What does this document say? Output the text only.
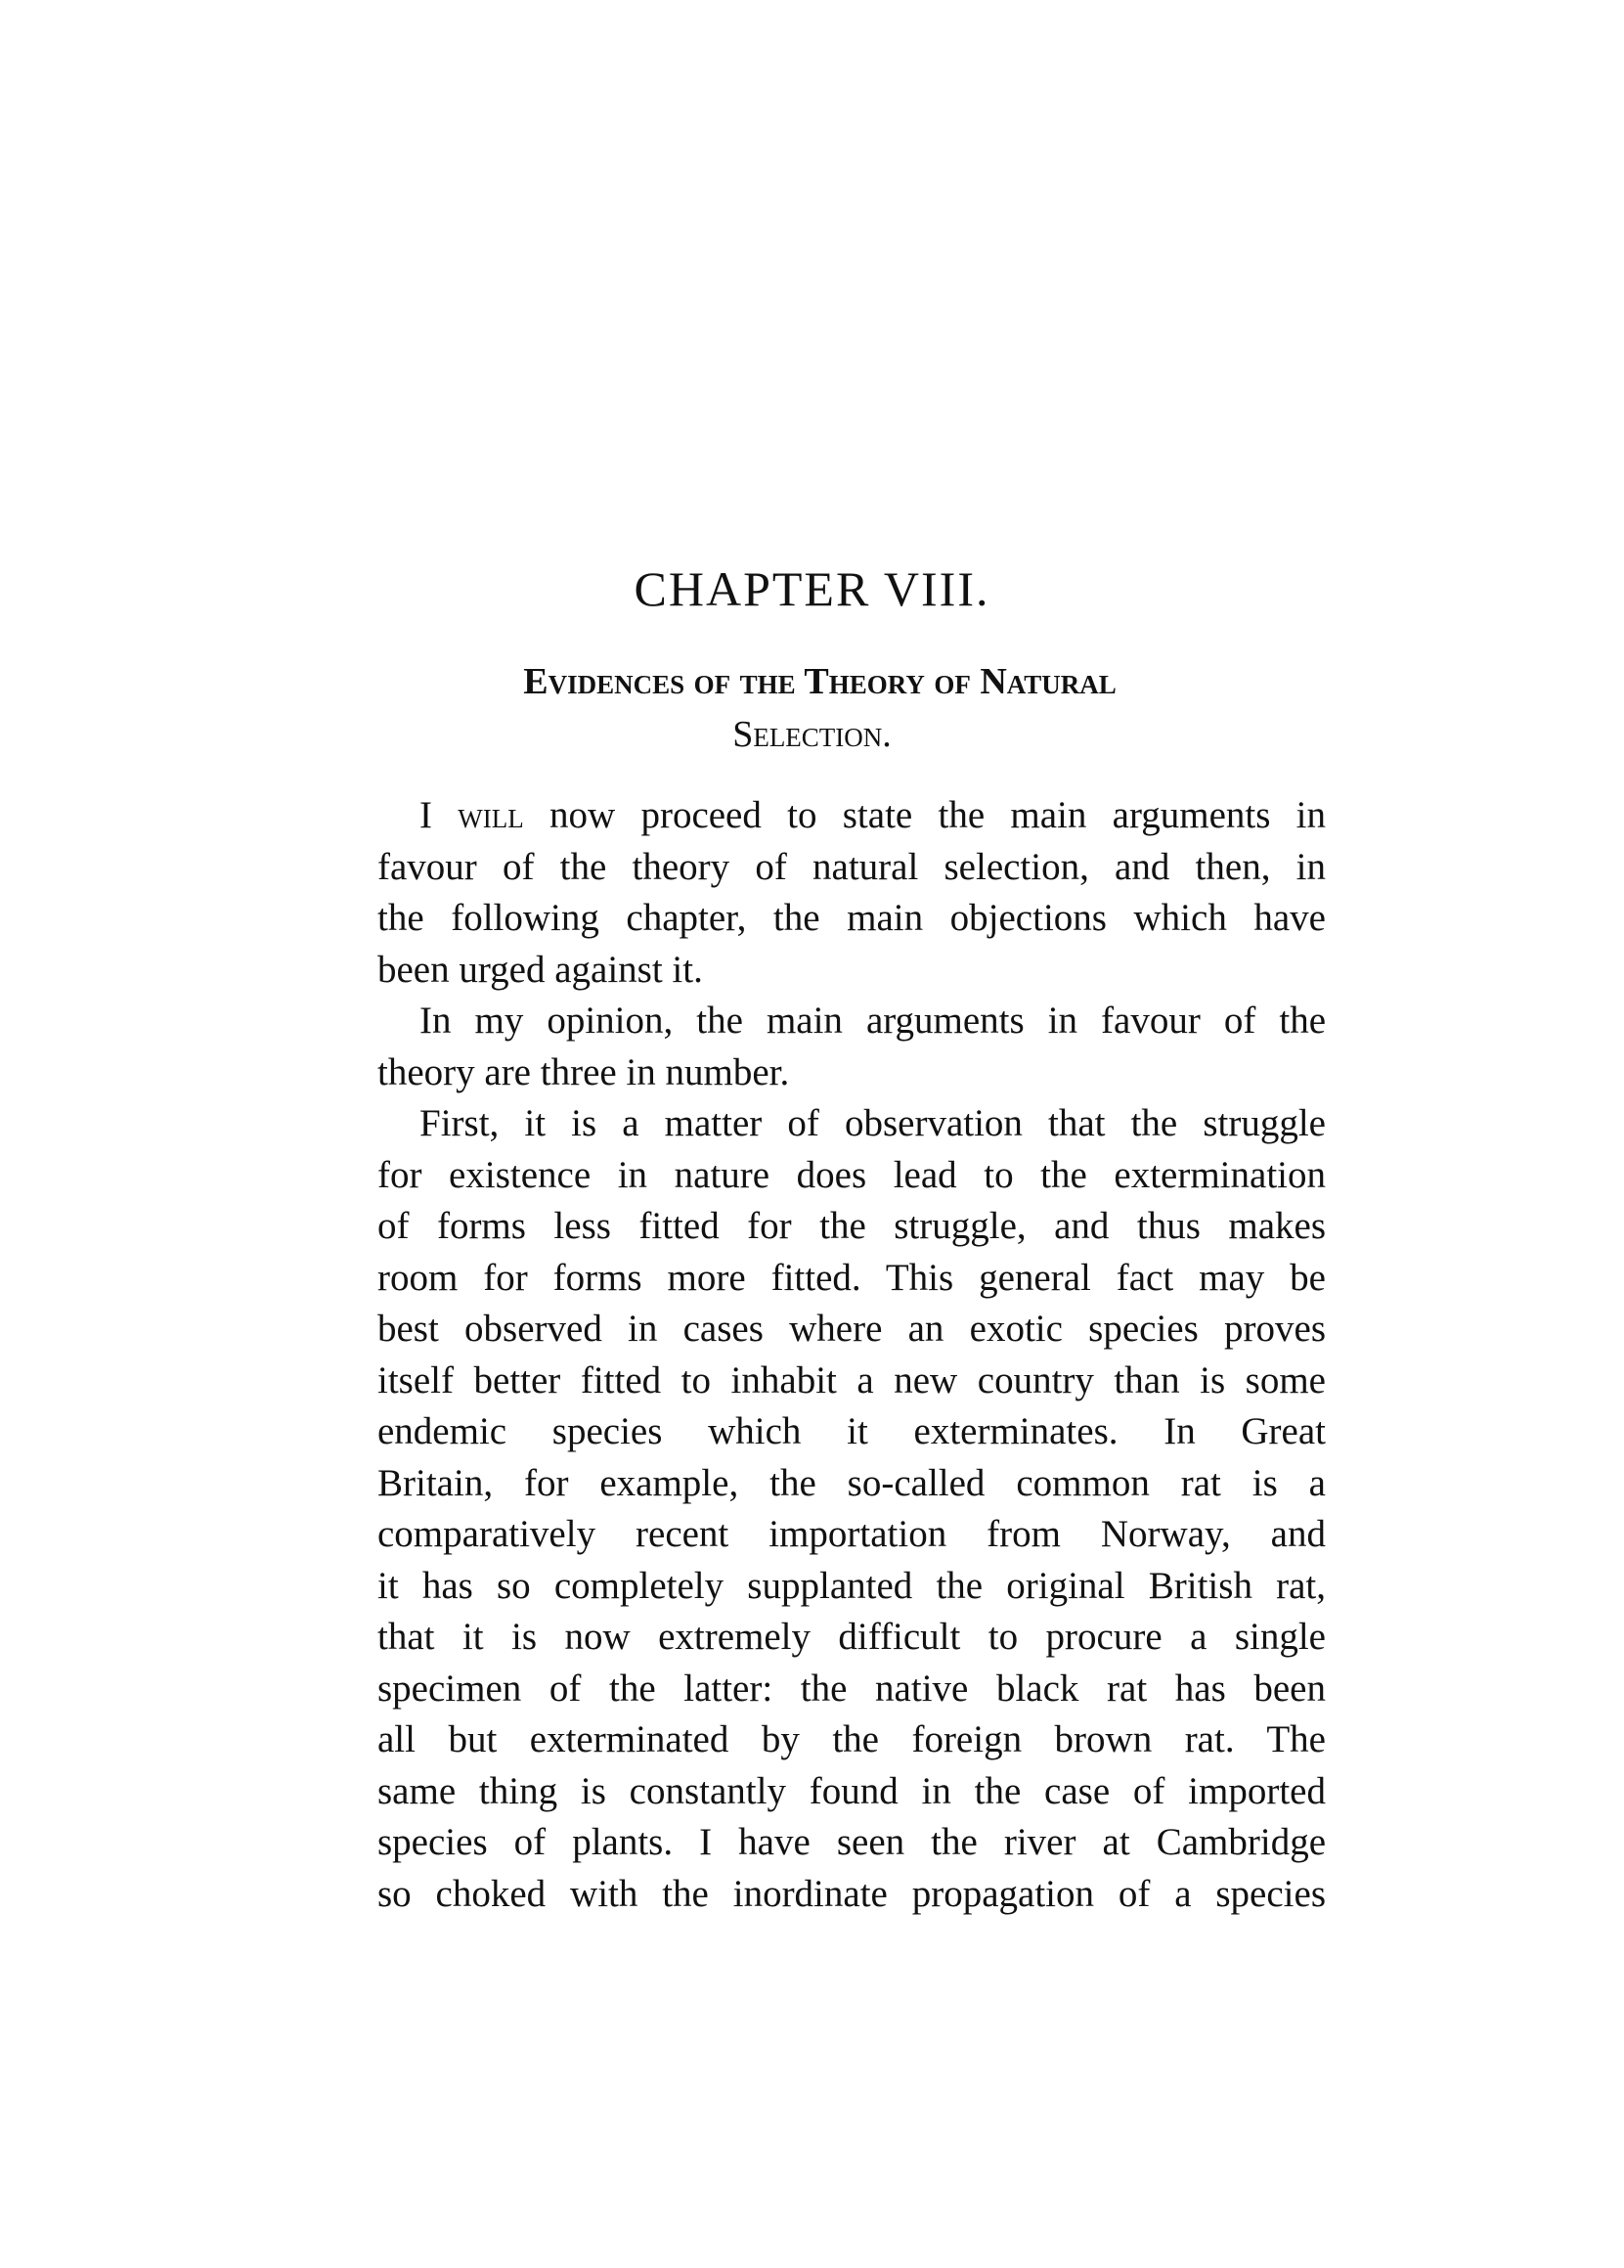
CHAPTER VIII.
Evidences of the Theory of Natural
Selection.
I will now proceed to state the main arguments in
favour of the theory of natural selection, and then, in
the following chapter, the main objections which have
been urged against it.
In my opinion, the main arguments in favour of the
theory are three in number.
First, it is a matter of observation that the struggle
for existence in nature does lead to the extermination
of forms less fitted for the struggle, and thus makes
room for forms more fitted. This general fact may be
best observed in cases where an exotic species proves
itself better fitted to inhabit a new country than is some
endemic species which it exterminates. In Great
Britain, for example, the so-called common rat is a
comparatively recent importation from Norway, and
it has so completely supplanted the original British rat,
that it is now extremely difficult to procure a single
specimen of the latter: the native black rat has been
all but exterminated by the foreign brown rat. The
same thing is constantly found in the case of imported
species of plants. I have seen the river at Cambridge
so choked with the inordinate propagation of a species
